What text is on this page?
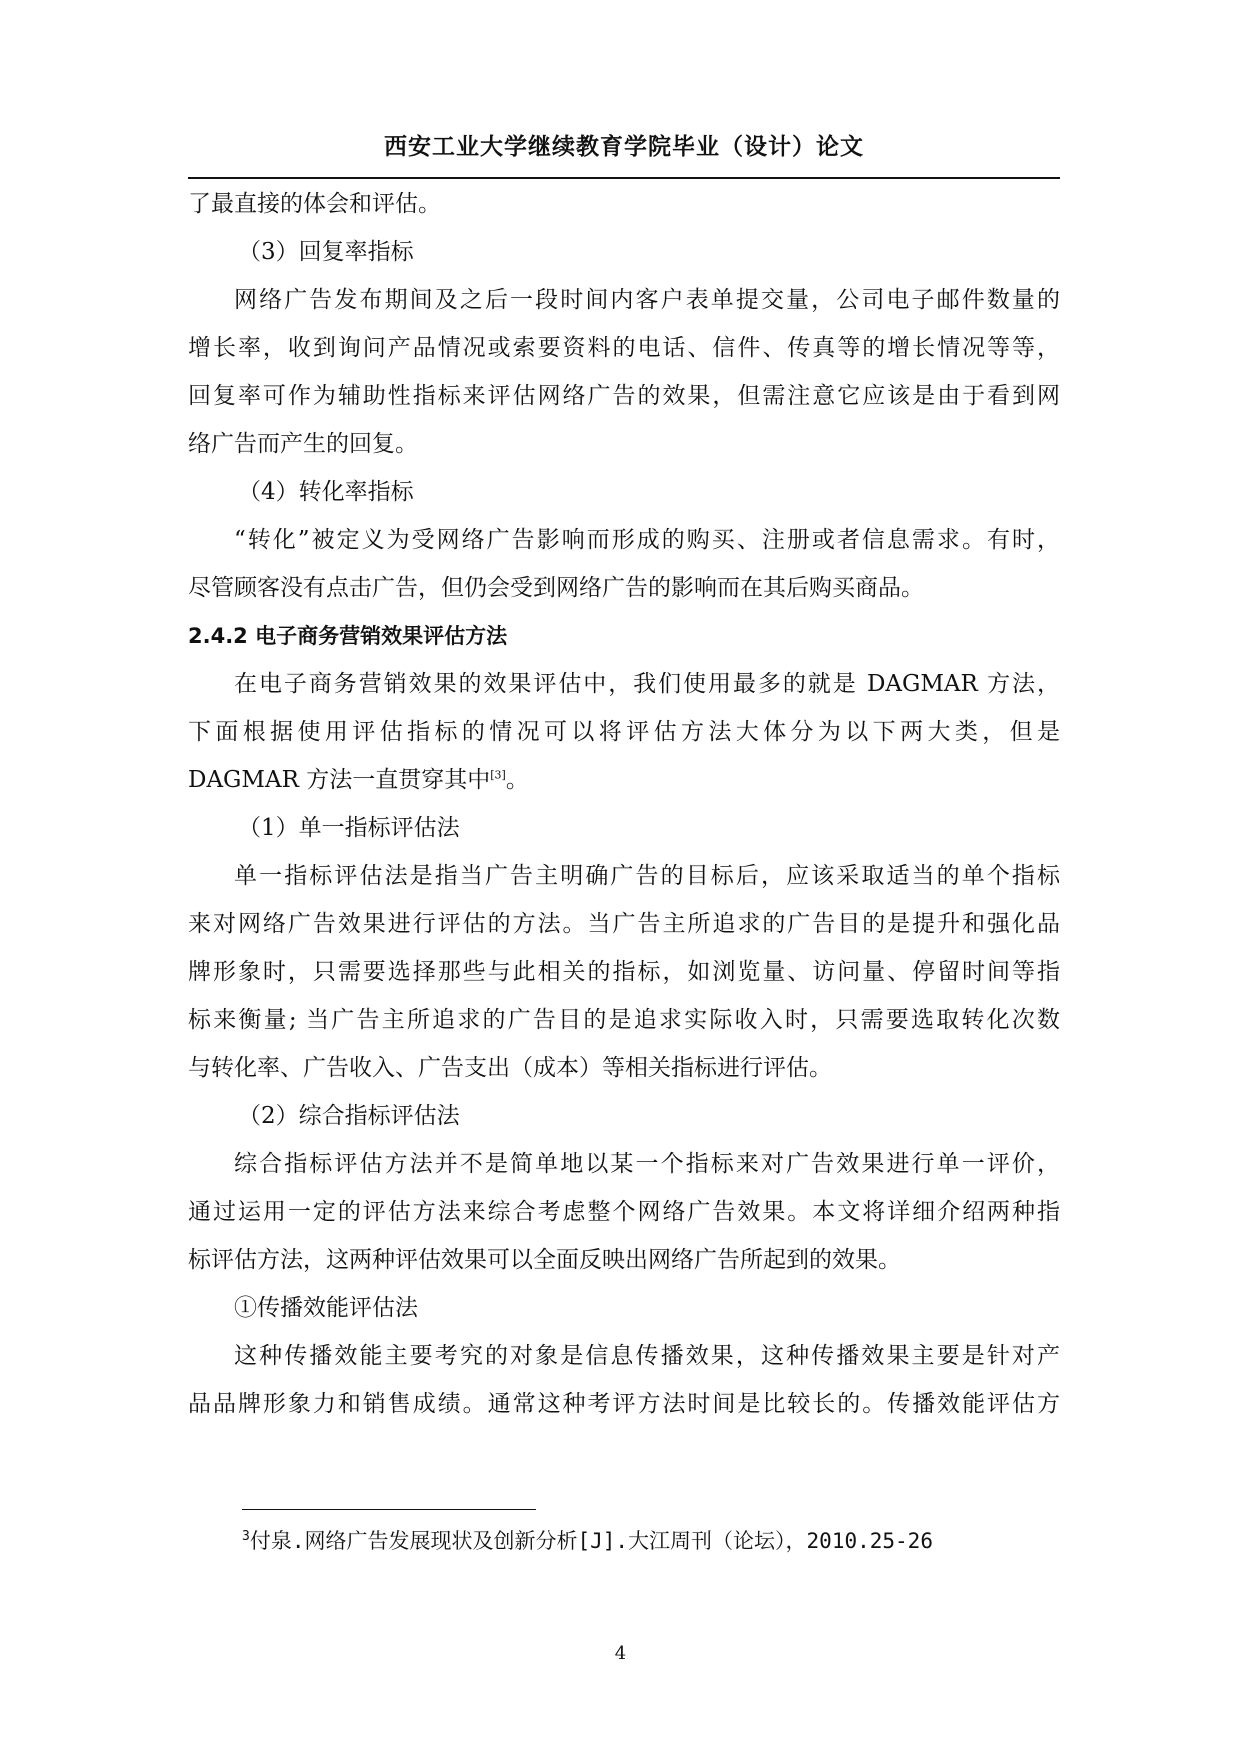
西安工业大学继续教育学院毕业（设计）论文
了最直接的体会和评估。
（3）回复率指标
网络广告发布期间及之后一段时间内客户表单提交量，公司电子邮件数量的
增长率，收到询问产品情况或索要资料的电话、信件、传真等的增长情况等等，
回复率可作为辅助性指标来评估网络广告的效果，但需注意它应该是由于看到网
络广告而产生的回复。
（4）转化率指标
“转化”被定义为受网络广告影响而形成的购买、注册或者信息需求。有时，
尽管顾客没有点击广告，但仍会受到网络广告的影响而在其后购买商品。
2.4.2 电子商务营销效果评估方法
在电子商务营销效果的效果评估中，我们使用最多的就是 DAGMAR 方法，
下面根据使用评估指标的情况可以将评估方法大体分为以下两大类，但是
DAGMAR 方法一直贯穿其中[3]。
（1）单一指标评估法
单一指标评估法是指当广告主明确广告的目标后，应该采取适当的单个指标
来对网络广告效果进行评估的方法。当广告主所追求的广告目的是提升和强化品
牌形象时，只需要选择那些与此相关的指标，如浏览量、访问量、停留时间等指
标来衡量; 当广告主所追求的广告目的是追求实际收入时，只需要选取转化次数
与转化率、广告收入、广告支出（成本）等相关指标进行评估。
（2）综合指标评估法
综合指标评估方法并不是简单地以某一个指标来对广告效果进行单一评价，
通过运用一定的评估方法来综合考虑整个网络广告效果。本文将详细介绍两种指
标评估方法，这两种评估效果可以全面反映出网络广告所起到的效果。
①传播效能评估法
这种传播效能主要考究的对象是信息传播效果，这种传播效果主要是针对产
品品牌形象力和销售成绩。通常这种考评方法时间是比较长的。传播效能评估方
$^3$付泉.网络广告发展现状及创新分析[J].大江周刊（论坛），2010.25-26
4
